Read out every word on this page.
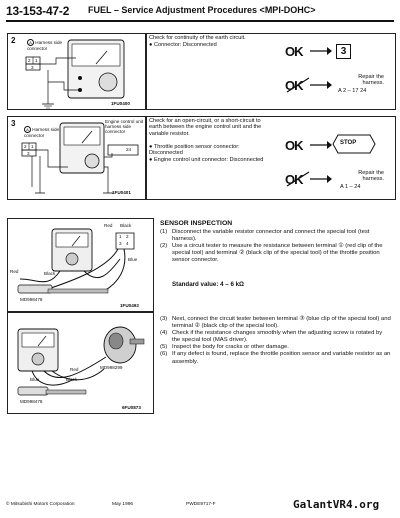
13-153-47-2 FUEL – Service Adjustment Procedures <MPI-DOHC>
2	A Harness side connector
2 1
3
1FU0400
Check for continuity of the earth circuit.
● Connector: Disconnected	OK	3
OK
Repair the harness.
A 2 – 17 24
3
A Harness side connector
Engine control unit harness side connector
2 1
3
24
1FU0401
Check for an open-circuit, or a short-circuit to earth between the engine control unit and the variable resistor.
● Throttle position sensor connector: Disconnected
● Engine control unit connector: Disconnected
OK	STOP
OK	Repair the harness.
A 1 – 24
Red Black
1 2
3 4
Blue
Red	Black
MD998478
1FU0492
Red
Black
Blue
MD998299
MD998478
6FU0873
SENSOR INSPECTION
(1) Disconnect the variable resistor connector and connect the special tool (test harness).
(2) Use a circuit tester to measure the resistance between terminal ① (red clip of the special tool) and terminal ② (black clip of the special tool) of the throttle position sensor connector.
Standard value: 4 – 6 kΩ
(3) Next, connect the circuit tester between terminal ③ (blue clip of the special tool) and terminal ② (black clip of the special tool).
(4) Check if the resistance changes smoothly when the adjusting screw is rotated by the special tool (MAS driver).
(5) Inspect the body for cracks or other damage.
(6) If any defect is found, replace the throttle position sensor and variable resistor as an assembly.
© Mitsubishi Motors Corporation	May 1996	PWDE9717-F	GalantVR4.org
